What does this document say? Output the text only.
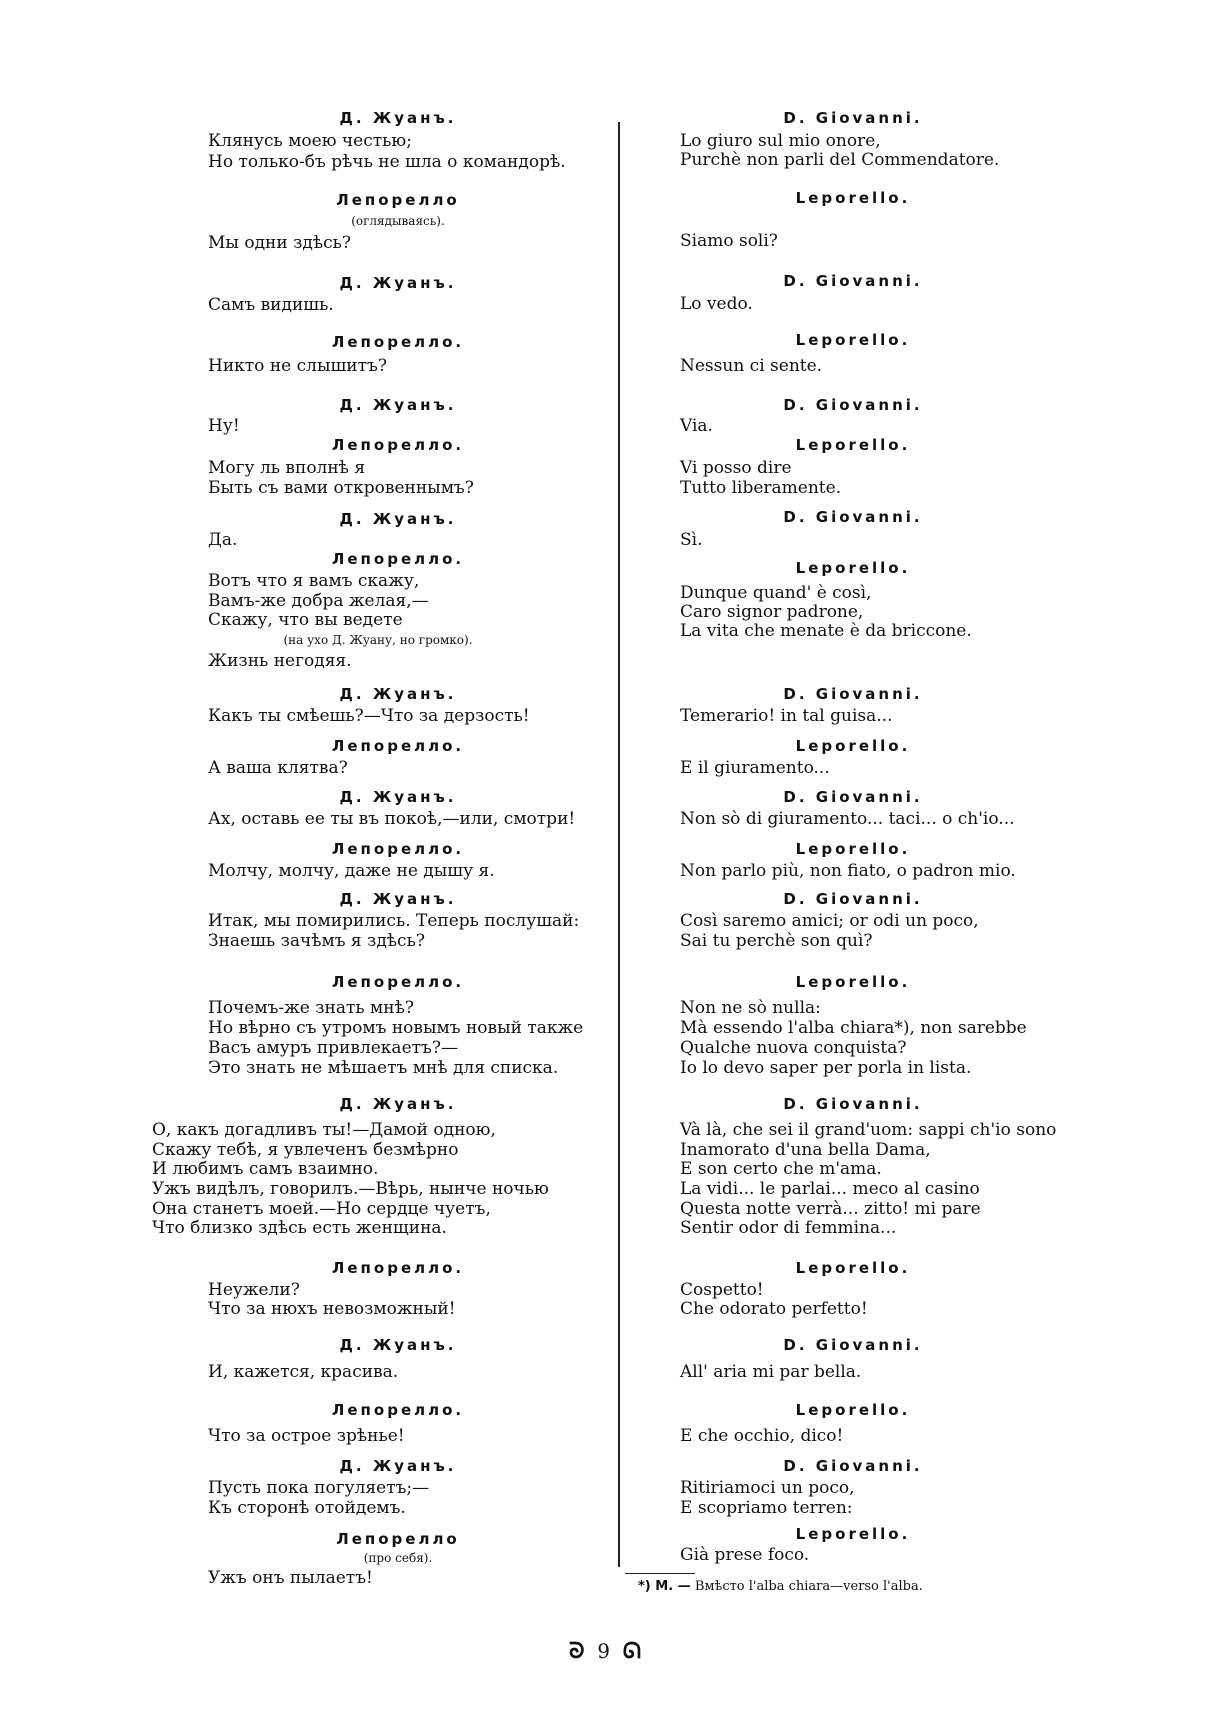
Д. Жуанъ.
Клянусь моею честью;
Но только-бъ рѣчь не шла о командорѣ.
Лепорелло
(оглядываясь).
Мы одни здѣсь?
Д. Жуанъ.
Самъ видишь.
Лепорелло.
Никто не слышитъ?
Д. Жуанъ.
Ну!
Лепорелло.
Могу ль вполнѣ я
Быть съ вами откровеннымъ?
Д. Жуанъ.
Да.
Лепорелло.
Вотъ что я вамъ скажу,
Вамъ-же добра желая,—
Скажу, что вы ведете
(на ухо Д. Жуану, но громко).
Жизнь негодяя.
Д. Жуанъ.
Какъ ты смѣешь?—Что за дерзость!
Лепорелло.
А ваша клятва?
Д. Жуанъ.
Ах, оставь ее ты въ покоѣ,—или, смотри!
Лепорелло.
Молчу, молчу, даже не дышу я.
Д. Жуанъ.
Итак, мы помирились. Теперь послушай:
Знаешь зачѣмъ я здѣсь?
Лепорелло.
Почемъ-же знать мнѣ?
Но вѣрно съ утромъ новымъ новый также
Васъ амуръ привлекаетъ?—
Это знать не мѣшаетъ мнѣ для списка.
Д. Жуанъ.
О, какъ догадливъ ты!—Дамой одною,
Скажу тебѣ, я увлеченъ безмѣрно
И любимъ самъ взаимно.
Ужъ видѣлъ, говорилъ.—Вѣрь, нынче ночью
Она станетъ моей.—Но сердце чуетъ,
Что близко здѣсь есть женщина.
Лепорелло.
Неужели?
Что за нюхъ невозможный!
Д. Жуанъ.
И, кажется, красива.
Лепорелло.
Что за острое зрѣнье!
Д. Жуанъ.
Пусть пока погуляетъ;—
Къ сторонѣ отойдемъ.
Лепорелло
(про себя).
Ужъ онъ пылаетъ!
D. Giovanni.
Lo giuro sul mio onore,
Purchè non parli del Commendatore.
Leporello.
Siamo soli?
D. Giovanni.
Lo vedo.
Leporello.
Nessun ci sente.
D. Giovanni.
Via.
Leporello.
Vi posso dire
Tutto liberamente.
D. Giovanni.
Sì.
Leporello.
Dunque quand' è così,
Caro signor padrone,
La vita che menate è da briccone.
D. Giovanni.
Temerario! in tal guisa...
Leporello.
E il giuramento...
D. Giovanni.
Non sò di giuramento... taci... o ch'io...
Leporello.
Non parlo più, non fiato, o padron mio.
D. Giovanni.
Così saremo amici; or odi un poco,
Sai tu perchè son quì?
Leporello.
Non ne sò nulla:
Mà essendo l'alba chiara*), non sarebbe
Qualche nuova conquista?
Io lo devo saper per porla in lista.
D. Giovanni.
Và là, che sei il grand'uom: sappi ch'io sono
Inamorato d'una bella Dama,
E son certo che m'ama.
La vidi... le parlai... meco al casino
Questa notte verrà... zitto! mi pare
Sentir odor di femmina...
Leporello.
Cospetto!
Che odorato perfetto!
D. Giovanni.
All' aria mi par bella.
Leporello.
E che occhio, dico!
D. Giovanni.
Ritiriamoci un poco,
E scopriamo terren:
Leporello.
Già prese foco.
*) M. — Вмѣсто l'alba chiara—verso l'alba.
ᘐ 9 ᘏ
